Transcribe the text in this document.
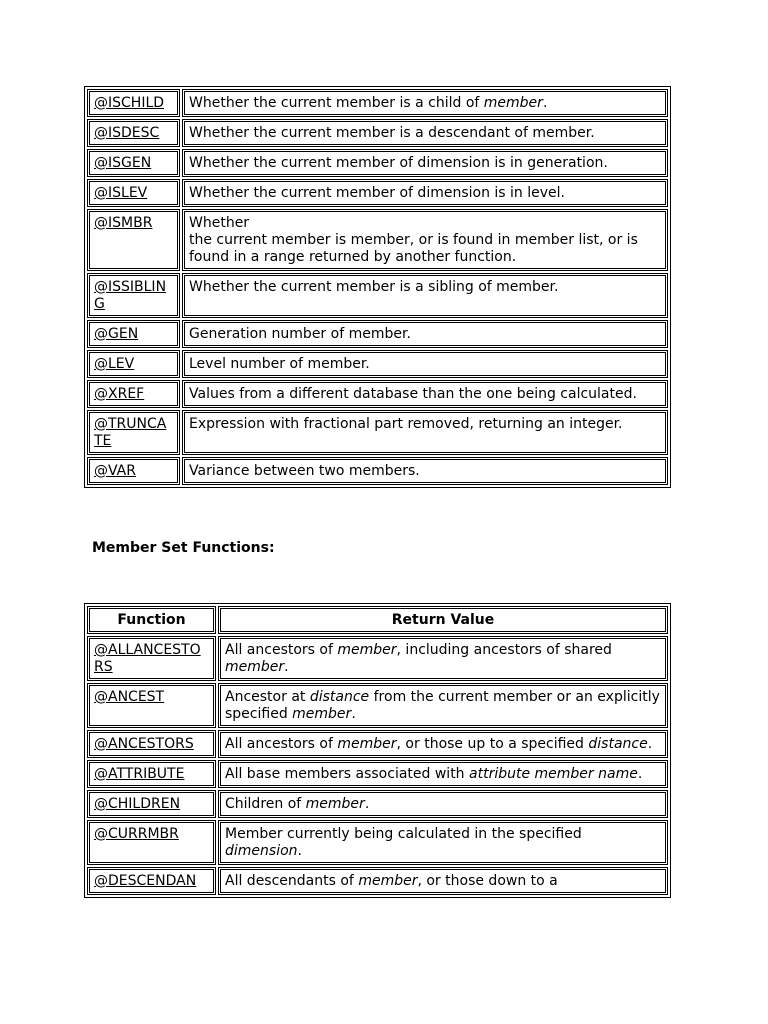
@ISCHILD	Whether the current member is a child of member.
@ISDESC	Whether the current member is a descendant of member.
@ISGEN	Whether the current member of dimension is in generation.
@ISLEV	Whether the current member of dimension is in level.
@ISMBR	Whether
the current member is member, or is found in member list, or is found in a range returned by another function.
@ISSIBLING	Whether the current member is a sibling of member.
@GEN	Generation number of member.
@LEV	Level number of member.
@XREF	Values from a different database than the one being calculated.
@TRUNCATE	Expression with fractional part removed, returning an integer.
@VAR	Variance between two members.
Member Set Functions:
Function	Return Value
@ALLANCESTORS	All ancestors of member, including ancestors of shared member.
@ANCEST	Ancestor at distance from the current member or an explicitly specified member.
@ANCESTORS	All ancestors of member, or those up to a specified distance.
@ATTRIBUTE	All base members associated with attribute member name.
@CHILDREN	Children of member.
@CURRMBR	Member currently being calculated in the specified dimension.
@DESCENDAN	All descendants of member, or those down to a
